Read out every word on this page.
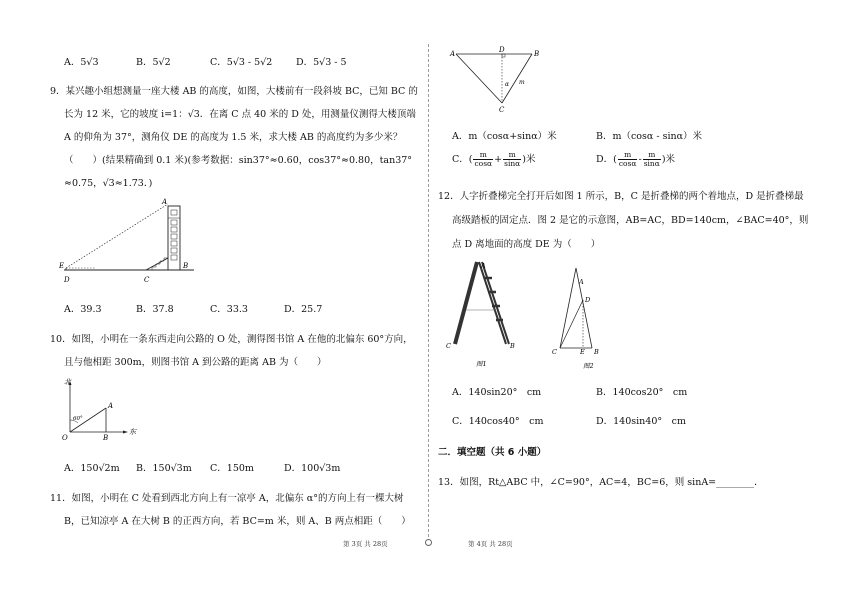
A．5√3	B．5√2	C．5√3 - 5√2 D．5√3 - 5
9．某兴趣小组想测量一座大楼 AB 的高度，如图，大楼前有一段斜坡 BC，已知 BC 的
长为 12 米，它的坡度 i=1：√3．在离 C 点 40 米的 D 处，用测量仪测得大楼顶端
A 的仰角为 37°，测角仪 DE 的高度为 1.5 米，求大楼 AB 的高度约为多少米？
（　　）(结果精确到 0.1 米)(参考数据：sin37°≈0.60，cos37°≈0.80，tan37°
≈0.75，√3≈1.73．)
A
E
D	C
B
A．39.3	B．37.8	C．33.3	D．25.7
10．如图，小明在一条东西走向公路的 O 处，测得图书馆 A 在他的北偏东 60°方向，
且与他相距 300m，则图书馆 A 到公路的距离 AB 为（　　）
北
A
60°
O	B
东
A．150√2m B．150√3m C．150m	D．100√3m
11．如图，小明在 C 处看到西北方向上有一凉亭 A，北偏东 α°的方向上有一棵大树
B，已知凉亭 A 在大树 B 的正西方向，若 BC=m 米，则 A、B 两点相距（　　）
第 3页 共 28页
A	D	B
α m
C
A．m（cosα+sinα）米	B．m（cosα - sinα）米
C．( $\frac{m}{\cos\alpha} + \frac{m}{\sin\alpha}$ )米	D．( $\frac{m}{\cos\alpha} - \frac{m}{\sin\alpha}$ )米
12．人字折叠梯完全打开后如图 1 所示，B，C 是折叠梯的两个着地点，D 是折叠梯最
高级踏板的固定点．图 2 是它的示意图，AB=AC，BD=140cm，∠BAC=40°，则
点 D 离地面的高度 DE 为（　　）
A
C	B
图1
A
D
C	E B
图2
A．140sin20°　cm	B．140cos20°　cm
C．140cos40°　cm	D．140sin40°　cm
二．填空题（共 6 小题）
13．如图，Rt△ABC 中，∠C=90°，AC=4，BC=6，则 sinA=________．
第 4页 共 28页
